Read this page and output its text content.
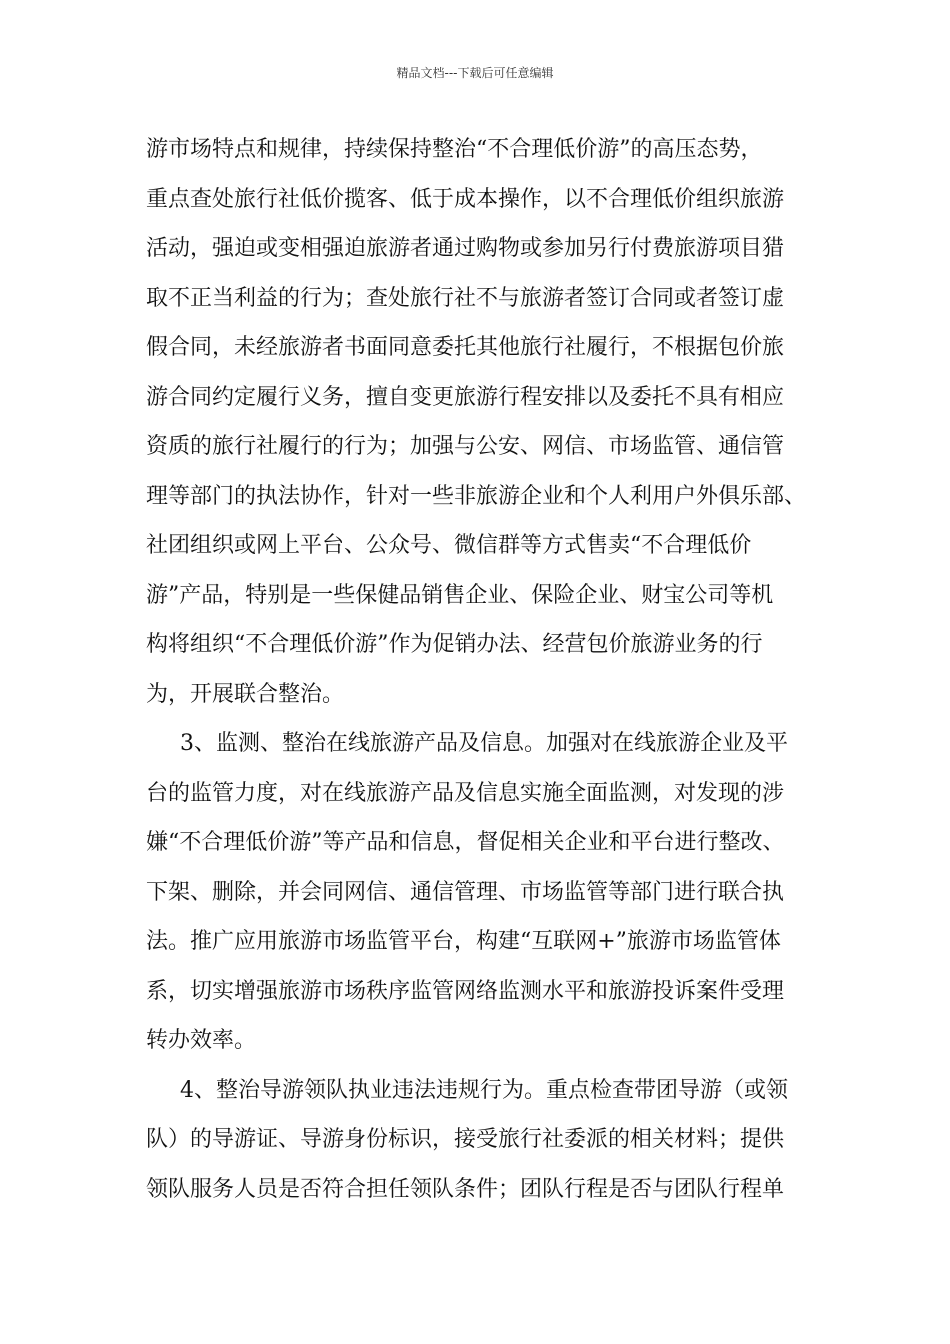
精品文档---下载后可任意编辑
游市场特点和规律，持续保持整治“不合理低价游”的高压态势，
重点查处旅行社低价揽客、低于成本操作，以不合理低价组织旅游
活动，强迫或变相强迫旅游者通过购物或参加另行付费旅游项目猎
取不正当利益的行为；查处旅行社不与旅游者签订合同或者签订虚
假合同，未经旅游者书面同意委托其他旅行社履行，不根据包价旅
游合同约定履行义务，擅自变更旅游行程安排以及委托不具有相应
资质的旅行社履行的行为；加强与公安、网信、市场监管、通信管
理等部门的执法协作，针对一些非旅游企业和个人利用户外俱乐部、
社团组织或网上平台、公众号、微信群等方式售卖“不合理低价
游”产品，特别是一些保健品销售企业、保险企业、财宝公司等机
构将组织“不合理低价游”作为促销办法、经营包价旅游业务的行
为，开展联合整治。
3、监测、整治在线旅游产品及信息。加强对在线旅游企业及平
台的监管力度，对在线旅游产品及信息实施全面监测，对发现的涉
嫌“不合理低价游”等产品和信息，督促相关企业和平台进行整改、
下架、删除，并会同网信、通信管理、市场监管等部门进行联合执
法。推广应用旅游市场监管平台，构建“互联网+”旅游市场监管体
系，切实增强旅游市场秩序监管网络监测水平和旅游投诉案件受理
转办效率。
4、整治导游领队执业违法违规行为。重点检查带团导游（或领
队）的导游证、导游身份标识，接受旅行社委派的相关材料；提供
领队服务人员是否符合担任领队条件；团队行程是否与团队行程单
